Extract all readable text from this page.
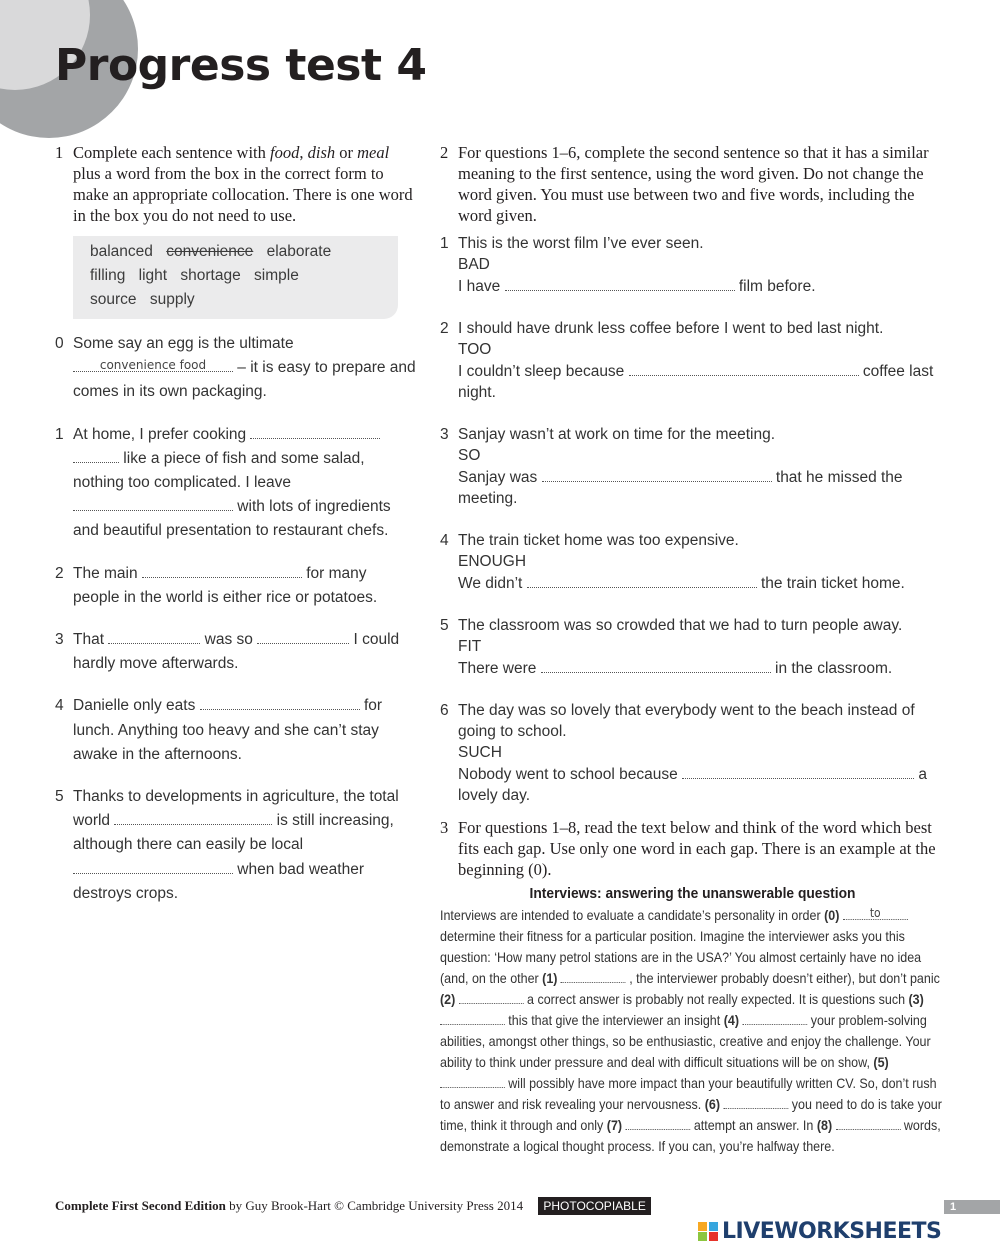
Progress test 4
1 Complete each sentence with food, dish or meal plus a word from the box in the correct form to make an appropriate collocation. There is one word in the box you do not need to use.
balanced convenience elaborate
filling light shortage simple
source supply
0 Some say an egg is the ultimate
convenience food – it is easy to prepare and comes in its own packaging.
1 At home, I prefer cooking
like a piece of fish and some salad, nothing too complicated. I leave  with lots of ingredients and beautiful presentation to restaurant chefs.
2 The main	for many people in the world is either rice or potatoes.
3 That	was so	I could hardly move afterwards.
4 Danielle only eats	for lunch. Anything too heavy and she can’t stay awake in the afternoons.
5 Thanks to developments in agriculture, the total world	is still increasing, although there can easily be local  when bad weather destroys crops.
2 For questions 1–6, complete the second sentence so that it has a similar meaning to the first sentence, using the word given. Do not change the word given. You must use between two and five words, including the word given.
1 This is the worst film I’ve ever seen.
BAD
I have	film before.
2 I should have drunk less coffee before I went to bed last night.
TOO
I couldn’t sleep because	coffee last night.
3 Sanjay wasn’t at work on time for the meeting.
SO
Sanjay was	that he missed the meeting.
4 The train ticket home was too expensive.
ENOUGH
We didn’t	the train ticket home.
5 The classroom was so crowded that we had to turn people away.
FIT
There were	in the classroom.
6 The day was so lovely that everybody went to the beach instead of going to school.
SUCH
Nobody went to school because	a lovely day.
3 For questions 1–8, read the text below and think of the word which best fits each gap. Use only one word in each gap. There is an example at the beginning (0).
Interviews: answering the unanswerable question
Interviews are intended to evaluate a candidate’s personality in order (0)	to determine their fitness for a particular position. Imagine the interviewer asks you this question: ‘How many petrol stations are in the USA?’ You almost certainly have no idea (and, on the other (1)	, the interviewer probably doesn’t either), but don’t panic (2)	a correct answer is probably not really expected. It is questions such (3)  this that give the interviewer an insight (4)	your problem-solving abilities, amongst other things, so be enthusiastic, creative and enjoy the challenge. Your ability to think under pressure and deal with difficult situations will be on show, (5)  will possibly have more impact than your beautifully written CV. So, don’t rush to answer and risk revealing your nervousness. (6)	you need to do is take your time, think it through and only (7)	attempt an answer. In (8)	words, demonstrate a logical thought process. If you can, you’re halfway there.
Complete First Second Edition by Guy Brook-Hart © Cambridge University Press 2014 PHOTOCOPIABLE	1
LIVEWORKSHEETS
